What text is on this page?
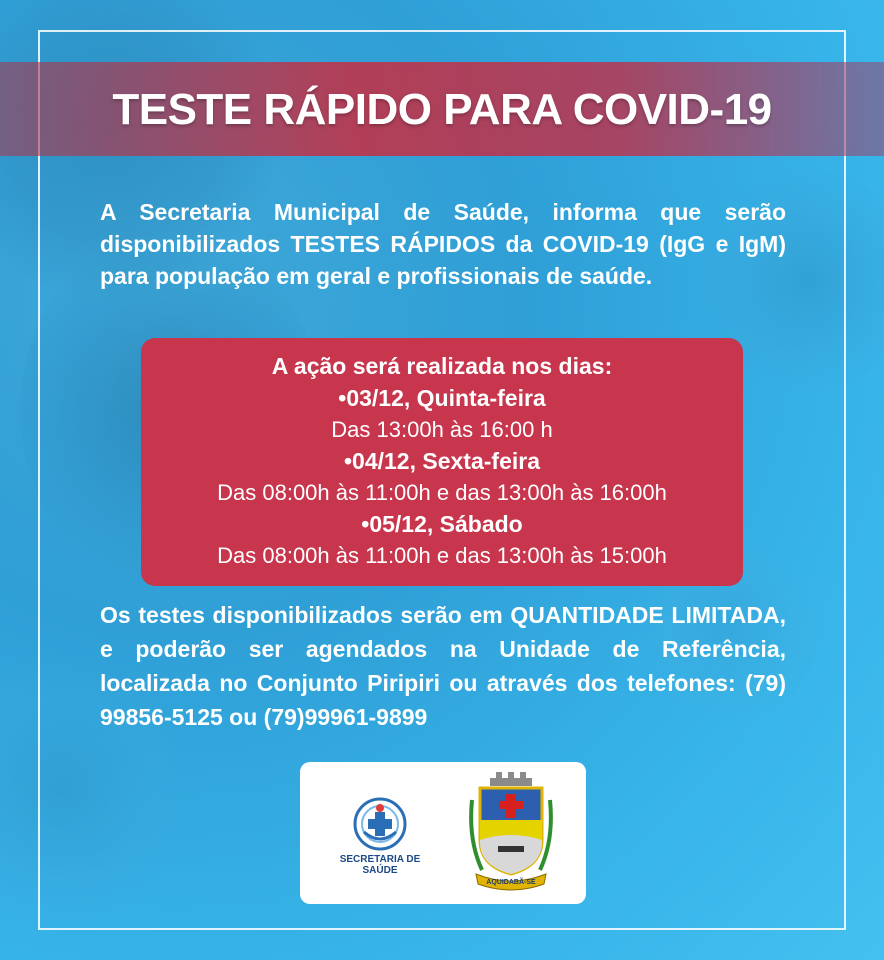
TESTE RÁPIDO PARA COVID-19
A Secretaria Municipal de Saúde, informa que serão disponibilizados TESTES RÁPIDOS da COVID-19 (IgG e IgM) para população em geral e profissionais de saúde.
A ação será realizada nos dias:
•03/12, Quinta-feira
Das 13:00h às 16:00 h
•04/12, Sexta-feira
Das 08:00h às 11:00h e das 13:00h às 16:00h
•05/12, Sábado
Das 08:00h às 11:00h e das 13:00h às 15:00h
Os testes disponibilizados serão em QUANTIDADE LIMITADA, e poderão ser agendados na Unidade de Referência, localizada no Conjunto Piripiri ou através dos telefones: (79) 99856-5125 ou (79)99961-9899
SECRETARIA DE SAÚDE
AQUIDABÃ-SE
